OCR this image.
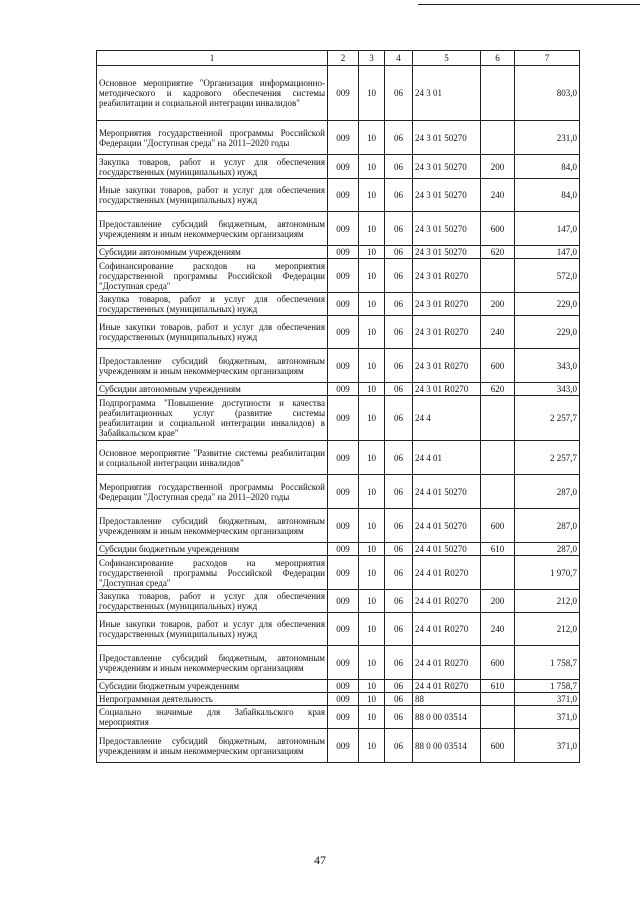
1	2	3	4	5	6	7
Основное мероприятие "Организация информационно-методического и кадрового обеспечения системы реабилитации и социальной интеграции инвалидов"	009	10	06	24 3 01		803,0
Мероприятия государственной программы Российской Федерации "Доступная среда" на 2011–2020 годы	009	10	06	24 3 01 50270		231,0
Закупка товаров, работ и услуг для обеспечения государственных (муниципальных) нужд	009	10	06	24 3 01 50270	200	84,0
Иные закупки товаров, работ и услуг для обеспечения государственных (муниципальных) нужд	009	10	06	24 3 01 50270	240	84,0
Предоставление субсидий бюджетным, автономным учреждениям и иным некоммерческим организациям	009	10	06	24 3 01 50270	600	147,0
Субсидии автономным учреждениям	009	10	06	24 3 01 50270	620	147,0
Софинансирование расходов на мероприятия государственной программы Российской Федерации "Доступная среда"	009	10	06	24 3 01 R0270		572,0
Закупка товаров, работ и услуг для обеспечения государственных (муниципальных) нужд	009	10	06	24 3 01 R0270	200	229,0
Иные закупки товаров, работ и услуг для обеспечения государственных (муниципальных) нужд	009	10	06	24 3 01 R0270	240	229,0
Предоставление субсидий бюджетным, автономным учреждениям и иным некоммерческим организациям	009	10	06	24 3 01 R0270	600	343,0
Субсидии автономным учреждениям	009	10	06	24 3 01 R0270	620	343,0
Подпрограмма "Повышение доступности и качества реабилитационных услуг (развитие системы реабилитации и социальной интеграции инвалидов) в Забайкальском крае"	009	10	06	24 4		2 257,7
Основное мероприятие "Развитие системы реабилитации и социальной интеграции инвалидов"	009	10	06	24 4 01		2 257,7
Мероприятия государственной программы Российской Федерации "Доступная среда" на 2011–2020 годы	009	10	06	24 4 01 50270		287,0
Предоставление субсидий бюджетным, автономным учреждениям и иным некоммерческим организациям	009	10	06	24 4 01 50270	600	287,0
Субсидии бюджетным учреждениям	009	10	06	24 4 01 50270	610	287,0
Софинансирование расходов на мероприятия государственной программы Российской Федерации "Доступная среда"	009	10	06	24 4 01 R0270		1 970,7
Закупка товаров, работ и услуг для обеспечения государственных (муниципальных) нужд	009	10	06	24 4 01 R0270	200	212,0
Иные закупки товаров, работ и услуг для обеспечения государственных (муниципальных) нужд	009	10	06	24 4 01 R0270	240	212,0
Предоставление субсидий бюджетным, автономным учреждениям и иным некоммерческим организациям	009	10	06	24 4 01 R0270	600	1 758,7
Субсидии бюджетным учреждениям	009	10	06	24 4 01 R0270	610	1 758,7
Непрограммная деятельность	009	10	06	88		371,0
Социально значимые для Забайкальского края мероприятия	009	10	06	88 0 00 03514		371,0
Предоставление субсидий бюджетным, автономным учреждениям и иным некоммерческим организациям	009	10	06	88 0 00 03514	600	371,0
47
